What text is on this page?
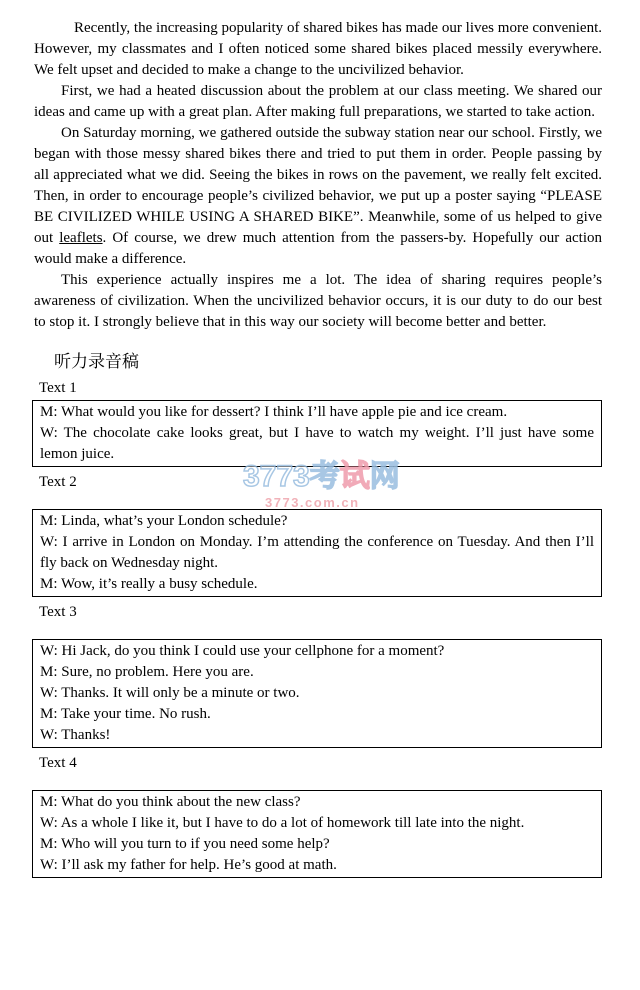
3773考试网
3773.com.cn

Recently, the increasing popularity of shared bikes has made our lives more convenient. However, my classmates and I often noticed some shared bikes placed messily everywhere. We felt upset and decided to make a change to the uncivilized behavior.

First, we had a heated discussion about the problem at our class meeting. We shared our ideas and came up with a great plan. After making full preparations, we started to take action.

On Saturday morning, we gathered outside the subway station near our school. Firstly, we began with those messy shared bikes there and tried to put them in order. People passing by all appreciated what we did. Seeing the bikes in rows on the pavement, we really felt excited. Then, in order to encourage people’s civilized behavior, we put up a poster saying “PLEASE BE CIVILIZED WHILE USING A SHARED BIKE”. Meanwhile, some of us helped to give out leaflets. Of course, we drew much attention from the passers-by. Hopefully our action would make a difference.

This experience actually inspires me a lot. The idea of sharing requires people’s awareness of civilization. When the uncivilized behavior occurs, it is our duty to do our best to stop it. I strongly believe that in this way our society will become better and better.

听力录音稿
Text 1

M: What would you like for dessert? I think I’ll have apple pie and ice cream.

W: The chocolate cake looks great, but I have to watch my weight. I’ll just have some lemon juice.

Text 2

M: Linda, what’s your London schedule?

W: I arrive in London on Monday. I’m attending the conference on Tuesday. And then I’ll fly back on Wednesday night.

M: Wow, it’s really a busy schedule.

Text 3

W: Hi Jack, do you think I could use your cellphone for a moment?

M: Sure, no problem. Here you are.

W: Thanks. It will only be a minute or two.

M: Take your time. No rush.

W: Thanks!

Text 4

M: What do you think about the new class?

W: As a whole I like it, but I have to do a lot of homework till late into the night.

M: Who will you turn to if you need some help?

W: I’ll ask my father for help. He’s good at math.
